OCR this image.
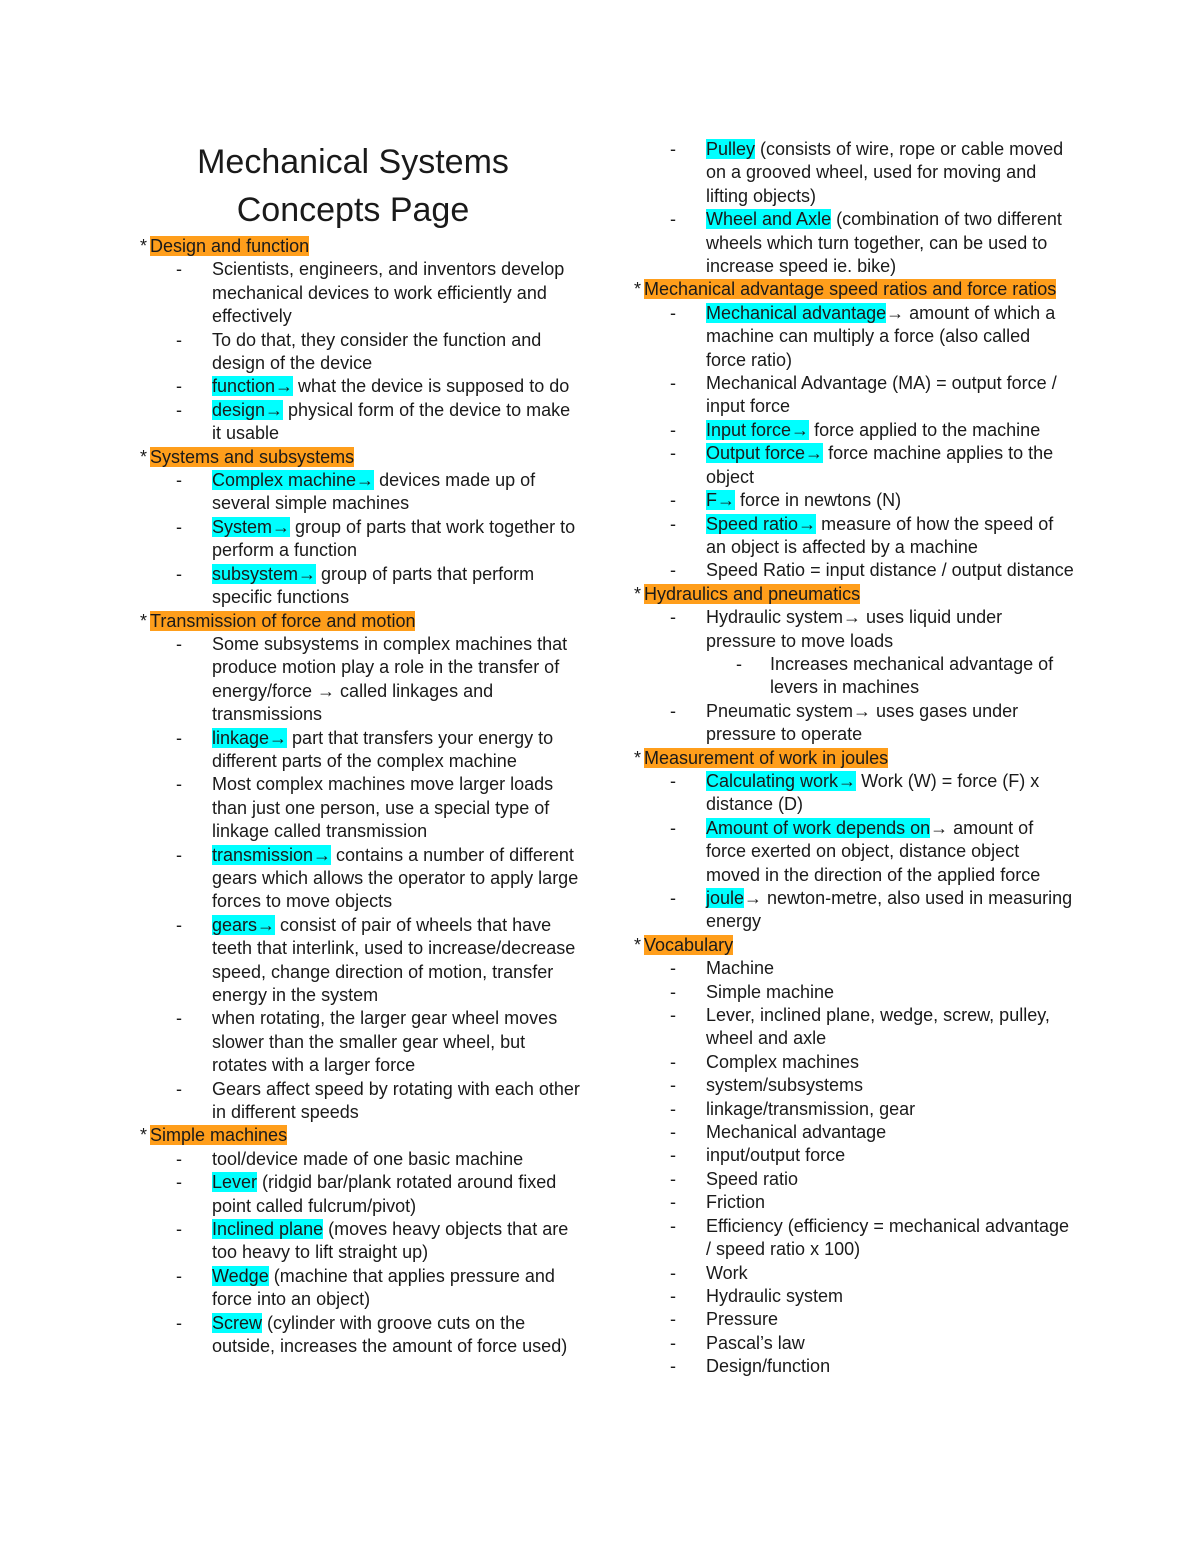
Mechanical Systems
Concepts Page
* Design and function
- Scientists, engineers, and inventors develop mechanical devices to work efficiently and effectively
- To do that, they consider the function and design of the device
- function→ what the device is supposed to do
- design→ physical form of the device to make it usable
* Systems and subsystems
- Complex machine→ devices made up of several simple machines
- System→ group of parts that work together to perform a function
- subsystem→ group of parts that perform specific functions
* Transmission of force and motion
- Some subsystems in complex machines that produce motion play a role in the transfer of energy/force → called linkages and transmissions
- linkage→ part that transfers your energy to different parts of the complex machine
- Most complex machines move larger loads than just one person, use a special type of linkage called transmission
- transmission→ contains a number of different gears which allows the operator to apply large forces to move objects
- gears→ consist of pair of wheels that have teeth that interlink, used to increase/decrease speed, change direction of motion, transfer energy in the system
- when rotating, the larger gear wheel moves slower than the smaller gear wheel, but rotates with a larger force
- Gears affect speed by rotating with each other in different speeds
* Simple machines
- tool/device made of one basic machine
- Lever (ridgid bar/plank rotated around fixed point called fulcrum/pivot)
- Inclined plane (moves heavy objects that are too heavy to lift straight up)
- Wedge (machine that applies pressure and force into an object)
- Screw (cylinder with groove cuts on the outside, increases the amount of force used)
- Pulley (consists of wire, rope or cable moved on a grooved wheel, used for moving and lifting objects)
- Wheel and Axle (combination of two different wheels which turn together, can be used to increase speed ie. bike)
* Mechanical advantage speed ratios and force ratios
- Mechanical advantage→ amount of which a machine can multiply a force (also called force ratio)
- Mechanical Advantage (MA) = output force / input force
- Input force→ force applied to the machine
- Output force→ force machine applies to the object
- F→ force in newtons (N)
- Speed ratio→ measure of how the speed of an object is affected by a machine
- Speed Ratio = input distance / output distance
* Hydraulics and pneumatics
- Hydraulic system→ uses liquid under pressure to move loads
- Increases mechanical advantage of levers in machines
- Pneumatic system→ uses gases under pressure to operate
* Measurement of work in joules
- Calculating work→ Work (W) = force (F) x distance (D)
- Amount of work depends on→ amount of force exerted on object, distance object moved in the direction of the applied force
- joule→ newton-metre, also used in measuring energy
* Vocabulary
- Machine
- Simple machine
- Lever, inclined plane, wedge, screw, pulley, wheel and axle
- Complex machines
- system/subsystems
- linkage/transmission, gear
- Mechanical advantage
- input/output force
- Speed ratio
- Friction
- Efficiency (efficiency = mechanical advantage / speed ratio x 100)
- Work
- Hydraulic system
- Pressure
- Pascal’s law
- Design/function
